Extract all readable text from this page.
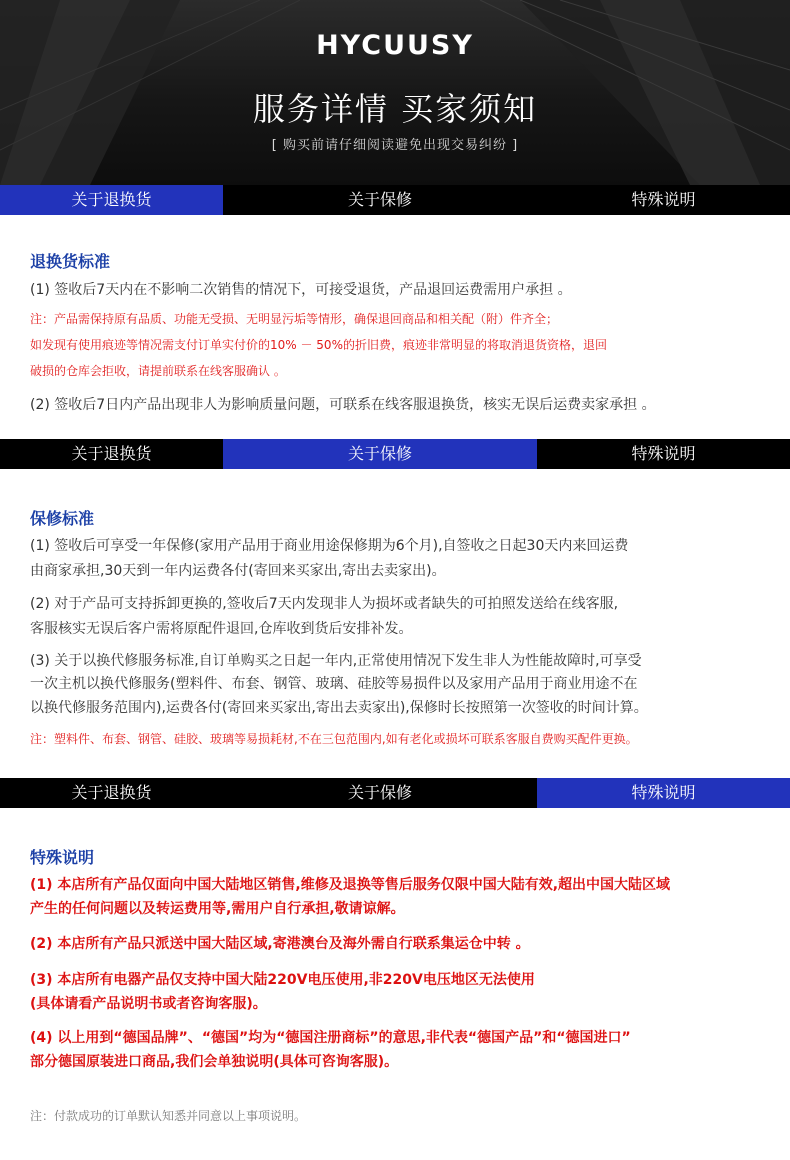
HYCUUSY
服务详情 买家须知
[ 购买前请仔细阅读避免出现交易纠纷 ]
关于退换货	关于保修	特殊说明
退换货标准
(1) 签收后7天内在不影响二次销售的情况下，可接受退货，产品退回运费需用户承担 。
注：产品需保持原有品质、功能无受损、无明显污垢等情形，确保退回商品和相关配（附）件齐全；
如发现有使用痕迹等情况需支付订单实付价的10% － 50%的折旧费，痕迹非常明显的将取消退货资格，退回
破损的仓库会拒收，请提前联系在线客服确认 。
(2) 签收后7日内产品出现非人为影响质量问题，可联系在线客服退换货，核实无误后运费卖家承担 。
关于退换货	关于保修	特殊说明
保修标准
(1) 签收后可享受一年保修(家用产品用于商业用途保修期为6个月),自签收之日起30天内来回运费
由商家承担,30天到一年内运费各付(寄回来买家出,寄出去卖家出)。
(2) 对于产品可支持拆卸更换的,签收后7天内发现非人为损坏或者缺失的可拍照发送给在线客服,
客服核实无误后客户需将原配件退回,仓库收到货后安排补发。
(3) 关于以换代修服务标准,自订单购买之日起一年内,正常使用情况下发生非人为性能故障时,可享受
一次主机以换代修服务(塑料件、布套、钢管、玻璃、硅胶等易损件以及家用产品用于商业用途不在
以换代修服务范围内),运费各付(寄回来买家出,寄出去卖家出),保修时长按照第一次签收的时间计算。
注：塑料件、布套、钢管、硅胶、玻璃等易损耗材,不在三包范围内,如有老化或损坏可联系客服自费购买配件更换。
关于退换货	关于保修	特殊说明
特殊说明
(1) 本店所有产品仅面向中国大陆地区销售,维修及退换等售后服务仅限中国大陆有效,超出中国大陆区域
产生的任何问题以及转运费用等,需用户自行承担,敬请谅解。
(2) 本店所有产品只派送中国大陆区域,寄港澳台及海外需自行联系集运仓中转 。
(3) 本店所有电器产品仅支持中国大陆220V电压使用,非220V电压地区无法使用
(具体请看产品说明书或者咨询客服)。
(4) 以上用到“德国品牌”、“德国”均为“德国注册商标”的意思,非代表“德国产品”和“德国进口”
部分德国原装进口商品,我们会单独说明(具体可咨询客服)。
注：付款成功的订单默认知悉并同意以上事项说明。
